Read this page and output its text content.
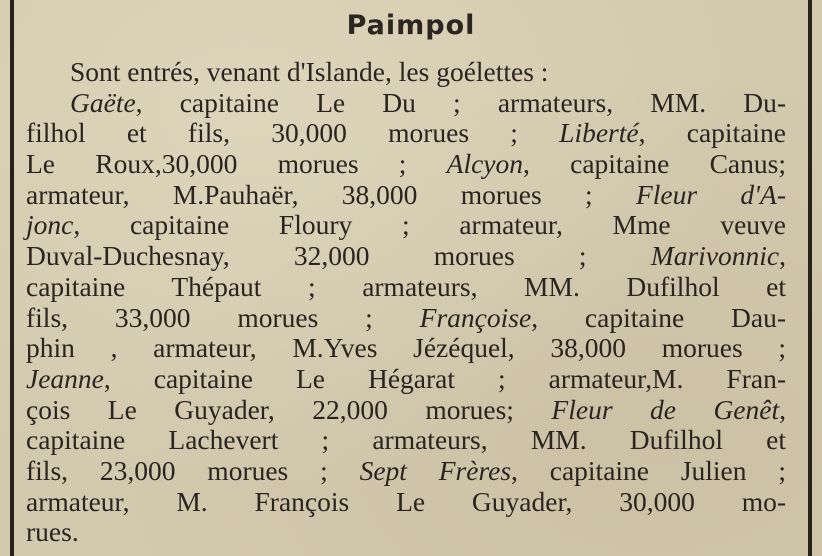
Paimpol
Sont entrés, venant d'Islande, les goélettes :
Gaëte, capitaine Le Du ; armateurs, MM. Du-
filhol et fils, 30,000 morues ; Liberté, capitaine
Le Roux,30,000 morues ; Alcyon, capitaine Canus;
armateur, M.Pauhaër, 38,000 morues ; Fleur d'A-
jonc, capitaine Floury ; armateur, Mme veuve
Duval-Duchesnay, 32,000 morues ; Marivonnic,
capitaine Thépaut ; armateurs, MM. Dufilhol et
fils, 33,000 morues ; Françoise, capitaine Dau-
phin , armateur, M.Yves Jézéquel, 38,000 morues ;
Jeanne, capitaine Le Hégarat ; armateur,M. Fran-
çois Le Guyader, 22,000 morues; Fleur de Genêt,
capitaine Lachevert ; armateurs, MM. Dufilhol et
fils, 23,000 morues ; Sept Frères, capitaine Julien ;
armateur, M. François Le Guyader, 30,000 mo-
rues.
